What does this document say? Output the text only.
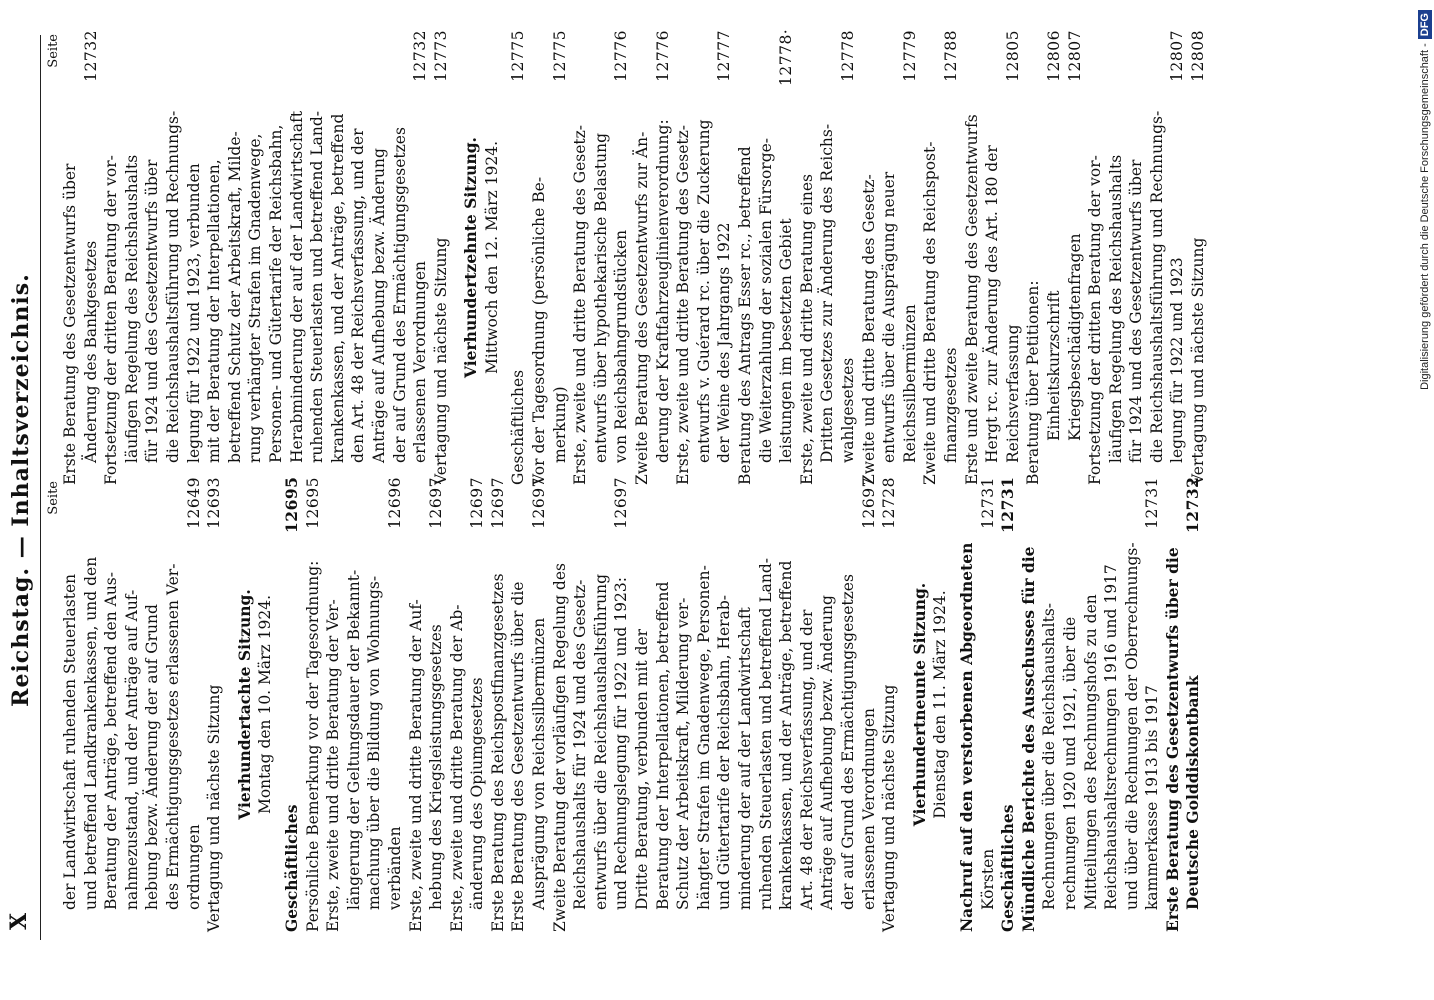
X
Reichstag. — Inhaltsverzeichnis. Seite
der Landwirtschaft ruhenden Steuerlasten und betreffend Landkrankenkassen, und den Beratung der Anträge, betreffend den Aus- nahmezustand, und der Anträge auf Auf- hebung bezw. Änderung der auf Grund des Ermächtigungsgesetzes erlassenen Ver- ordnungen
12649
Vertagung und nächste Sitzung
12693
Vierhundertachte Sitzung. Montag den 10. März 1924.
Geschäftliches
12695
Persönliche Bemerkung vor der Tagesordnung:
12695
Erste, zweite und dritte Beratung der Ver- längerung der Geltungsdauer der Bekannt- machung über die Bildung von Wohnungs- verbänden
12696
Erste, zweite und dritte Beratung der Auf- hebung des Kriegsleistungsgesetzes
12697
Erste, zweite und dritte Beratung der Ab- änderung des Opiumgesetzes
12697
Erste Beratung des Reichspostfinanzgesetzes
12697
Erste Beratung des Gesetzentwurfs über die Ausprägung von Reichssilbermünzen
12697
Zweite Beratung der vorläufigen Regelung des Reichshaushalts für 1924 und des Gesetz- entwurfs über die Reichshaushaltsführung und Rechnungslegung für 1922 und 1923:
12697
Dritte Beratung, verbunden mit der Beratung der Interpellationen, betreffend Schutz der Arbeitskraft, Milderung ver- hängter Strafen im Gnadenwege, Personen- und Gütertarife der Reichsbahn, Herab- minderung der auf der Landwirtschaft ruhenden Steuerlasten und betreffend Land- krankenkassen, und der Anträge, betreffend Art. 48 der Reichsverfassung, und der Anträge auf Aufhebung bezw. Änderung der auf Grund des Ermächtigungsgesetzes erlassenen Verordnungen
12697
Vertagung und nächste Sitzung
12728
Vierhundertneunte Sitzung. Dienstag den 11. März 1924. Nachruf auf den verstorbenen Abgeordneten Körsten
12731
Geschäftliches
12731
Mündliche Berichte des Ausschusses für die Rechnungen über die Reichshaushalts- rechnungen 1920 und 1921, über die Mitteilungen des Rechnungshofs zu den Reichshaushaltsrechnungen 1916 und 1917 und über die Rechnungen der Oberrechnungs- kammerkasse 1913 bis 1917
12731
Erste Beratung des Gesetzentwurfs über die Deutsche Golddiskontbank
12732
Seite
Erste Beratung des Gesetzentwurfs über Änderung des Bankgesetzes
12732
Fortsetzung der dritten Beratung der vor- läufigen Regelung des Reichshaushalts für 1924 und des Gesetzentwurfs über die Reichshaushaltsführung und Rechnungs- legung für 1922 und 1923, verbunden mit der Beratung der Interpellationen, betreffend Schutz der Arbeitskraft, Milde- rung verhängter Strafen im Gnadenwege, Personen- und Gütertarife der Reichsbahn, Herabminderung der auf der Landwirtschaft ruhenden Steuerlasten und betreffend Land- krankenkassen, und der Anträge, betreffend den Art. 48 der Reichsverfassung, und der Anträge auf Aufhebung bezw. Änderung der auf Grund des Ermächtigungsgesetzes erlassenen Verordnungen
12732
Vertagung und nächste Sitzung
12773
Vierhundertzehnte Sitzung. Mittwoch den 12. März 1924.
Geschäftliches
12775
Vor der Tagesordnung (persönliche Be- merkung)
12775
Erste, zweite und dritte Beratung des Gesetz- entwurfs über hypothekarische Belastung von Reichsbahngrundstücken
12776
Zweite Beratung des Gesetzentwurfs zur Än- derung der Kraftfahrzeuglinienverordnung:
12776
Erste, zweite und dritte Beratung des Gesetz- entwurfs v. Guérard rc. über die Zuckerung der Weine des Jahrgangs 1922
12777
Beratung des Antrags Esser rc., betreffend die Weiterzahlung der sozialen Fürsorge- leistungen im besetzten Gebiet
12778·
Erste, zweite und dritte Beratung eines Dritten Gesetzes zur Änderung des Reichs- wahlgesetzes
12778
Zweite und dritte Beratung des Gesetz- entwurfs über die Ausprägung neuer Reichssilbermünzen
12779
Zweite und dritte Beratung des Reichspost- finanzgesetzes
12788
Erste und zweite Beratung des Gesetzentwurfs Hergt rc. zur Änderung des Art. 180 der Reichsverfassung
12805
Beratung über Petitionen: Einheitskurzschrift
12806
Kriegsbeschädigtenfragen
12807
Fortsetzung der dritten Beratung der vor- läufigen Regelung des Reichshaushalts für 1924 und des Gesetzentwurfs über die Reichshaushaltsführung und Rechnungs- legung für 1922 und 1923
12807
Vertagung und nächste Sitzung
12808	Digitalisierung gefördert durch die Deutsche Forschungsgemeinschaft -DFG
